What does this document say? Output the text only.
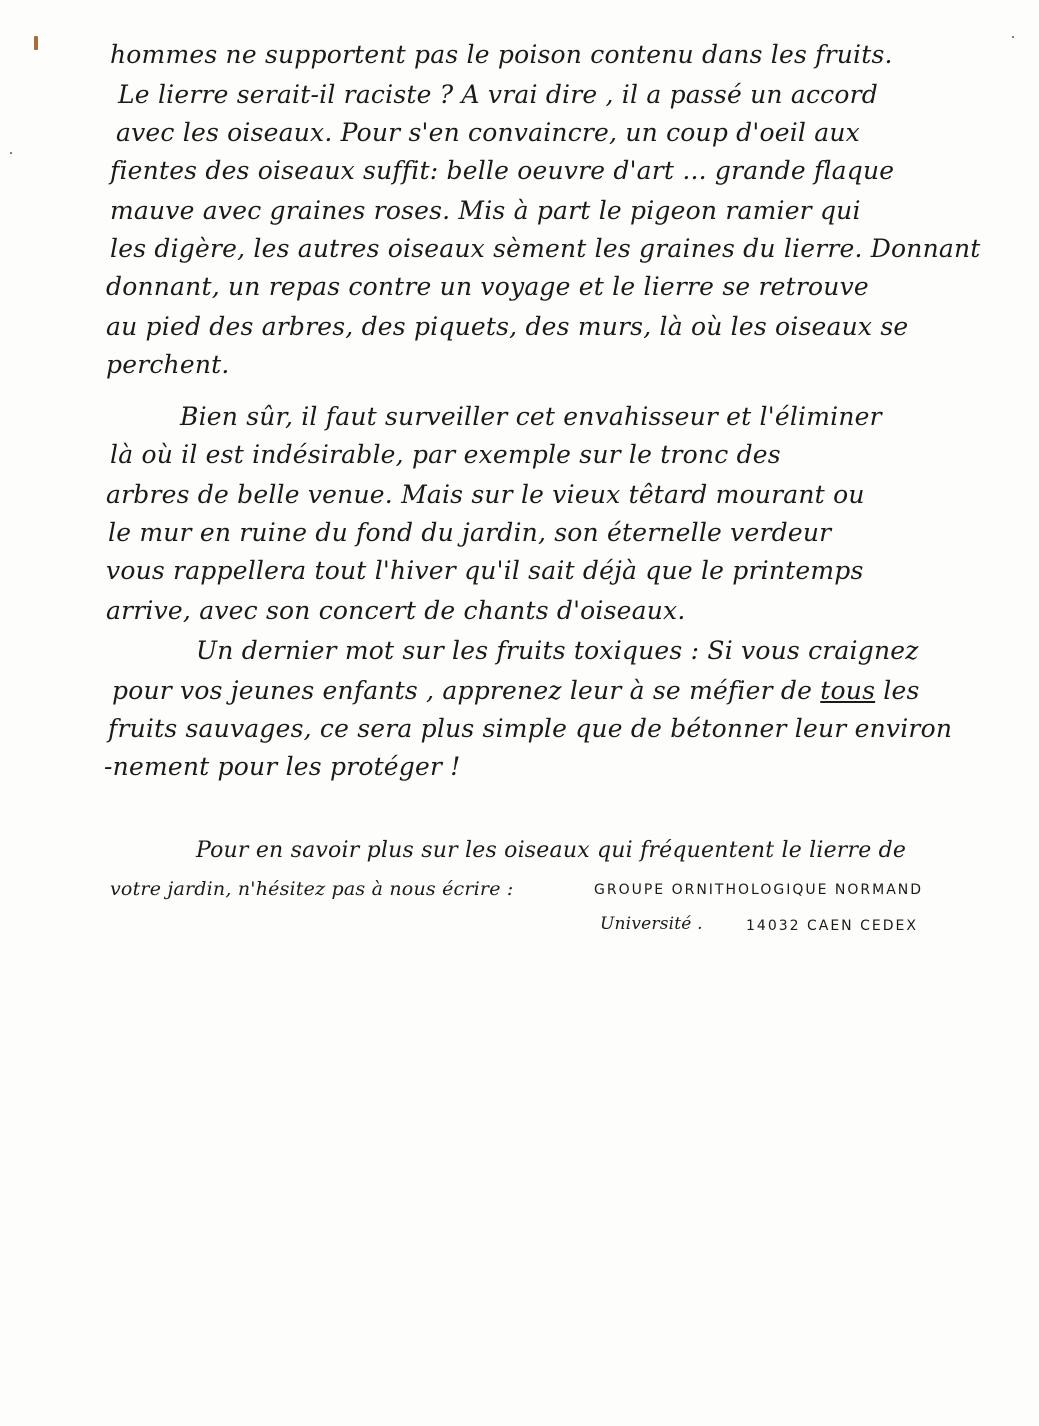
hommes ne supportent pas le poison contenu dans les fruits.
Le lierre serait-il raciste ? A vrai dire , il a passé un accord
avec les oiseaux. Pour s'en convaincre, un coup d'oeil aux
fientes des oiseaux suffit: belle oeuvre d'art ... grande flaque
mauve avec graines roses. Mis à part le pigeon ramier qui
les digère, les autres oiseaux sèment les graines du lierre. Donnant
donnant, un repas contre un voyage et le lierre se retrouve
au pied des arbres, des piquets, des murs, là où les oiseaux se
perchent.
Bien sûr, il faut surveiller cet envahisseur et l'éliminer
là où il est indésirable, par exemple sur le tronc des
arbres de belle venue. Mais sur le vieux têtard mourant ou
le mur en ruine du fond du jardin, son éternelle verdeur
vous rappellera tout l'hiver qu'il sait déjà que le printemps
arrive, avec son concert de chants d'oiseaux.
Un dernier mot sur les fruits toxiques : Si vous craignez
pour vos jeunes enfants , apprenez leur à se méfier de tous les
fruits sauvages, ce sera plus simple que de bétonner leur environ
-nement pour les protéger !
Pour en savoir plus sur les oiseaux qui fréquentent le lierre de
votre jardin, n'hésitez pas à nous écrire :	GROUPE ORNITHOLOGIQUE NORMAND
Université .	14032 CAEN CEDEX
